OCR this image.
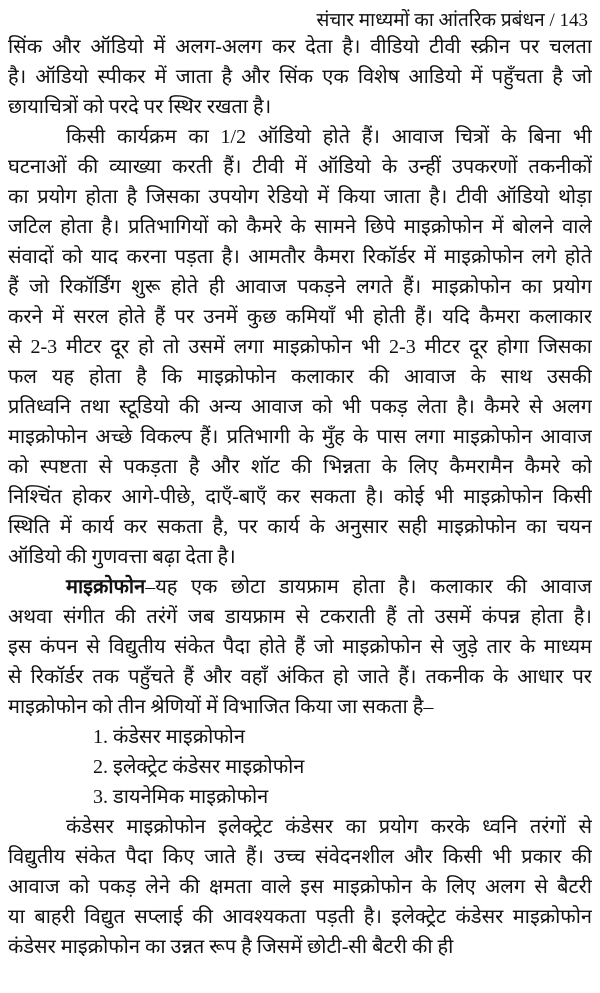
संचार माध्यमों का आंतरिक प्रबंधन / 143
सिंक और ऑडियो में अलग-अलग कर देता है। वीडियो टीवी स्क्रीन पर चलता
है। ऑडियो स्पीकर में जाता है और सिंक एक विशेष आडियो में पहुँचता है जो
छायाचित्रों को परदे पर स्थिर रखता है।
किसी कार्यक्रम का 1/2 ऑडियो होते हैं। आवाज चित्रों के बिना भी
घटनाओं की व्याख्या करती हैं। टीवी में ऑडियो के उन्हीं उपकरणों तकनीकों
का प्रयोग होता है जिसका उपयोग रेडियो में किया जाता है। टीवी ऑडियो थोड़ा
जटिल होता है। प्रतिभागियों को कैमरे के सामने छिपे माइक्रोफोन में बोलने वाले
संवादों को याद करना पड़ता है। आमतौर कैमरा रिकॉर्डर में माइक्रोफोन लगे होते
हैं जो रिकॉर्डिंग शुरू होते ही आवाज पकड़ने लगते हैं। माइक्रोफोन का प्रयोग
करने में सरल होते हैं पर उनमें कुछ कमियाँ भी होती हैं। यदि कैमरा कलाकार
से 2-3 मीटर दूर हो तो उसमें लगा माइक्रोफोन भी 2-3 मीटर दूर होगा जिसका
फल यह होता है कि माइक्रोफोन कलाकार की आवाज के साथ उसकी
प्रतिध्वनि तथा स्टूडियो की अन्य आवाज को भी पकड़ लेता है। कैमरे से अलग
माइक्रोफोन अच्छे विकल्प हैं। प्रतिभागी के मुँह के पास लगा माइक्रोफोन आवाज
को स्पष्टता से पकड़ता है और शॉट की भिन्नता के लिए कैमरामैन कैमरे को
निश्चिंत होकर आगे-पीछे, दाएँ-बाएँ कर सकता है। कोई भी माइक्रोफोन किसी
स्थिति में कार्य कर सकता है, पर कार्य के अनुसार सही माइक्रोफोन का चयन
ऑडियो की गुणवत्ता बढ़ा देता है।
माइक्रोफोन–यह एक छोटा डायफ्राम होता है। कलाकार की आवाज
अथवा संगीत की तरंगें जब डायफ्राम से टकराती हैं तो उसमें कंपन्न होता है।
इस कंपन से विद्युतीय संकेत पैदा होते हैं जो माइक्रोफोन से जुड़े तार के माध्यम
से रिकॉर्डर तक पहुँचते हैं और वहाँ अंकित हो जाते हैं। तकनीक के आधार पर
माइक्रोफोन को तीन श्रेणियों में विभाजित किया जा सकता है–
1. कंडेसर माइक्रोफोन
2. इलेक्ट्रेट कंडेसर माइक्रोफोन
3. डायनेमिक माइक्रोफोन
कंडेसर माइक्रोफोन इलेक्ट्रेट कंडेसर का प्रयोग करके ध्वनि तरंगों से
विद्युतीय संकेत पैदा किए जाते हैं। उच्च संवेदनशील और किसी भी प्रकार की
आवाज को पकड़ लेने की क्षमता वाले इस माइक्रोफोन के लिए अलग से बैटरी
या बाहरी विद्युत सप्लाई की आवश्यकता पड़ती है। इलेक्ट्रेट कंडेसर माइक्रोफोन
कंडेसर माइक्रोफोन का उन्नत रूप है जिसमें छोटी-सी बैटरी की ही
